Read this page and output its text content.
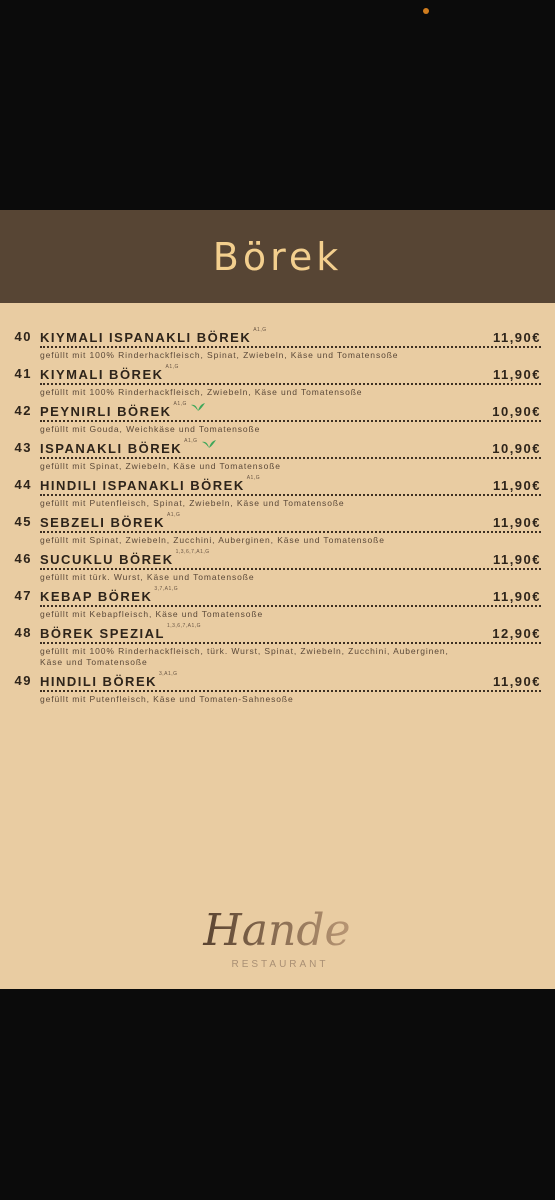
Börek
40 KIYMALI ISPANAKLI BÖREK A1,G	11,90€
gefüllt mit 100% Rinderhackfleisch, Spinat, Zwiebeln, Käse und Tomatensoße
41 KIYMALI BÖREK A1,G	11,90€
gefüllt mit 100% Rinderhackfleisch, Zwiebeln, Käse und Tomatensoße
42 PEYNIRLI BÖREK A1,G	10,90€
gefüllt mit Gouda, Weichkäse und Tomatensoße
43 ISPANAKLI BÖREK A1,G	10,90€
gefüllt mit Spinat, Zwiebeln, Käse und Tomatensoße
44 HINDILI ISPANAKLI BÖREK A1,G	11,90€
gefüllt mit Putenfleisch, Spinat, Zwiebeln, Käse und Tomatensoße
45 SEBZELI BÖREK A1,G	11,90€
gefüllt mit Spinat, Zwiebeln, Zucchini, Auberginen, Käse und Tomatensoße
46 SUCUKLU BÖREK 1,3,6,7,A1,G	11,90€
gefüllt mit türk. Wurst, Käse und Tomatensoße
47 KEBAP BÖREK 3,7,A1,G	11,90€
gefüllt mit Kebapfleisch, Käse und Tomatensoße
48 BÖREK SPEZIAL 1,3,6,7,A1,G	12,90€
gefüllt mit 100% Rinderhackfleisch, türk. Wurst, Spinat, Zwiebeln, Zucchini, Auberginen, Käse und Tomatensoße
49 HINDILI BÖREK 3,A1,G	11,90€
gefüllt mit Putenfleisch, Käse und Tomaten-Sahnesoße
Hande
RESTAURANT
